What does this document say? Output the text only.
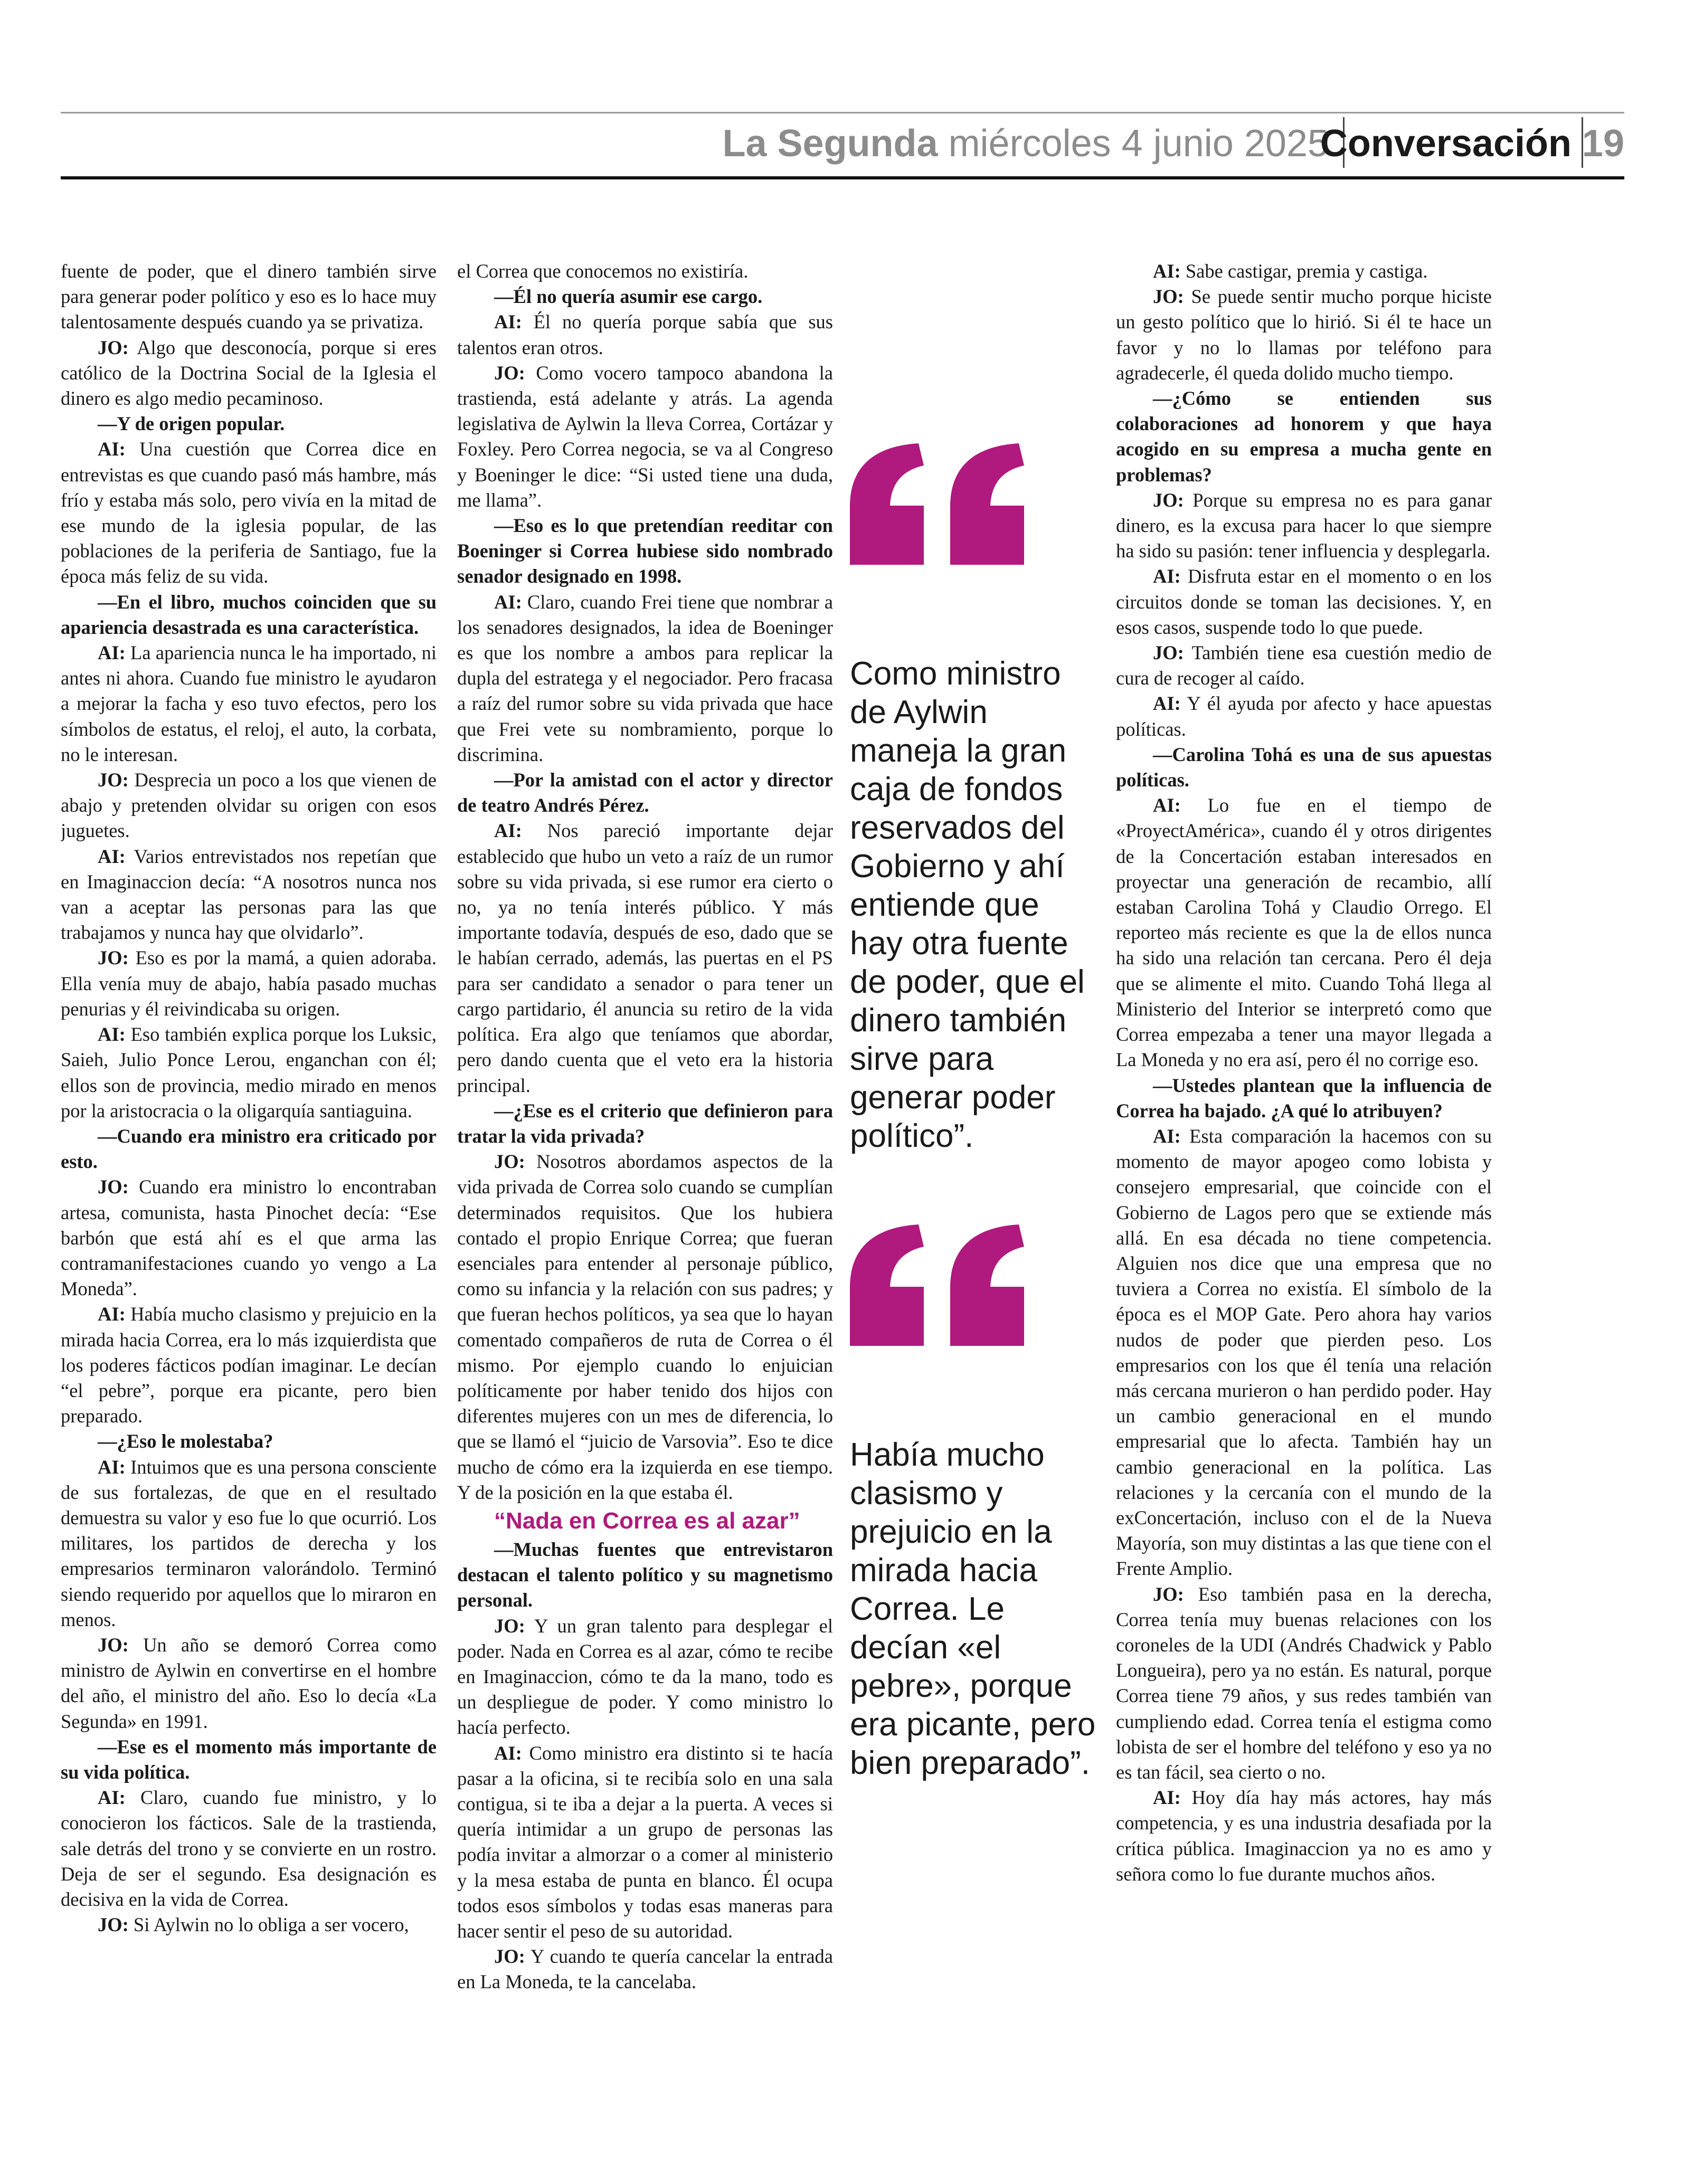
La Segunda miércoles 4 junio 2025
Conversación 19

fuente de poder, que el dinero también sirve para generar poder político y eso es lo hace muy talentosamente después cuando ya se privatiza.

JO: Algo que desconocía, porque si eres católico de la Doctrina Social de la Iglesia el dinero es algo medio pecaminoso.

—Y de origen popular.

AI: Una cuestión que Correa dice en entrevistas es que cuando pasó más hambre, más frío y estaba más solo, pero vivía en la mitad de ese mundo de la iglesia popular, de las poblaciones de la periferia de Santiago, fue la época más feliz de su vida.

—En el libro, muchos coinciden que su apariencia desastrada es una característica.

AI: La apariencia nunca le ha importado, ni antes ni ahora. Cuando fue ministro le ayudaron a mejorar la facha y eso tuvo efectos, pero los símbolos de estatus, el reloj, el auto, la corbata, no le interesan.

JO: Desprecia un poco a los que vienen de abajo y pretenden olvidar su origen con esos juguetes.

AI: Varios entrevistados nos repetían que en Imaginaccion decía: “A nosotros nunca nos van a aceptar las personas para las que trabajamos y nunca hay que olvidarlo”.

JO: Eso es por la mamá, a quien adoraba. Ella venía muy de abajo, había pasado muchas penurias y él reivindicaba su origen.

AI: Eso también explica porque los Luksic, Saieh, Julio Ponce Lerou, enganchan con él; ellos son de provincia, medio mirado en menos por la aristocracia o la oligarquía santiaguina.

—Cuando era ministro era criticado por esto.

JO: Cuando era ministro lo encontraban artesa, comunista, hasta Pinochet decía: “Ese barbón que está ahí es el que arma las contramanifestaciones cuando yo vengo a La Moneda”.

AI: Había mucho clasismo y prejuicio en la mirada hacia Correa, era lo más izquierdista que los poderes fácticos podían imaginar. Le decían “el pebre”, porque era picante, pero bien preparado.

—¿Eso le molestaba?

AI: Intuimos que es una persona consciente de sus fortalezas, de que en el resultado demuestra su valor y eso fue lo que ocurrió. Los militares, los partidos de derecha y los empresarios terminaron valorándolo. Terminó siendo requerido por aquellos que lo miraron en menos.

JO: Un año se demoró Correa como ministro de Aylwin en convertirse en el hombre del año, el ministro del año. Eso lo decía «La Segunda» en 1991.

—Ese es el momento más importante de su vida política.

AI: Claro, cuando fue ministro, y lo conocieron los fácticos. Sale de la trastienda, sale detrás del trono y se convierte en un rostro. Deja de ser el segundo. Esa designación es decisiva en la vida de Correa.

JO: Si Aylwin no lo obliga a ser vocero,

el Correa que conocemos no existiría.

—Él no quería asumir ese cargo.

AI: Él no quería porque sabía que sus talentos eran otros.

JO: Como vocero tampoco abandona la trastienda, está adelante y atrás. La agenda legislativa de Aylwin la lleva Correa, Cortázar y Foxley. Pero Correa negocia, se va al Congreso y Boeninger le dice: “Si usted tiene una duda, me llama”.

—Eso es lo que pretendían reeditar con Boeninger si Correa hubiese sido nombrado senador designado en 1998.

AI: Claro, cuando Frei tiene que nombrar a los senadores designados, la idea de Boeninger es que los nombre a ambos para replicar la dupla del estratega y el negociador. Pero fracasa a raíz del rumor sobre su vida privada que hace que Frei vete su nombramiento, porque lo discrimina.

—Por la amistad con el actor y director de teatro Andrés Pérez.

AI: Nos pareció importante dejar establecido que hubo un veto a raíz de un rumor sobre su vida privada, si ese rumor era cierto o no, ya no tenía interés público. Y más importante todavía, después de eso, dado que se le habían cerrado, además, las puertas en el PS para ser candidato a senador o para tener un cargo partidario, él anuncia su retiro de la vida política. Era algo que teníamos que abordar, pero dando cuenta que el veto era la historia principal.

—¿Ese es el criterio que definieron para tratar la vida privada?

JO: Nosotros abordamos aspectos de la vida privada de Correa solo cuando se cumplían determinados requisitos. Que los hubiera contado el propio Enrique Correa; que fueran esenciales para entender al personaje público, como su infancia y la relación con sus padres; y que fueran hechos políticos, ya sea que lo hayan comentado compañeros de ruta de Correa o él mismo. Por ejemplo cuando lo enjuician políticamente por haber tenido dos hijos con diferentes mujeres con un mes de diferencia, lo que se llamó el “juicio de Varsovia”. Eso te dice mucho de cómo era la izquierda en ese tiempo. Y de la posición en la que estaba él.

“Nada en Correa es al azar”

—Muchas fuentes que entrevistaron destacan el talento político y su magnetismo personal.

JO: Y un gran talento para desplegar el poder. Nada en Correa es al azar, cómo te recibe en Imaginaccion, cómo te da la mano, todo es un despliegue de poder. Y como ministro lo hacía perfecto.

AI: Como ministro era distinto si te hacía pasar a la oficina, si te recibía solo en una sala contigua, si te iba a dejar a la puerta. A veces si quería intimidar a un grupo de personas las podía invitar a almorzar o a comer al ministerio y la mesa estaba de punta en blanco. Él ocupa todos esos símbolos y todas esas maneras para hacer sentir el peso de su autoridad.

JO: Y cuando te quería cancelar la entrada en La Moneda, te la cancelaba.

Como ministro de Aylwin maneja la gran caja de fondos reservados del Gobierno y ahí entiende que hay otra fuente de poder, que el dinero también sirve para generar poder político”.
Había mucho clasismo y prejuicio en la mirada hacia Correa. Le decían «el pebre», porque era picante, pero bien preparado”.

AI: Sabe castigar, premia y castiga.

JO: Se puede sentir mucho porque hiciste un gesto político que lo hirió. Si él te hace un favor y no lo llamas por teléfono para agradecerle, él queda dolido mucho tiempo.

—¿Cómo se entienden sus colaboraciones ad honorem y que haya acogido en su empresa a mucha gente en problemas?

JO: Porque su empresa no es para ganar dinero, es la excusa para hacer lo que siempre ha sido su pasión: tener influencia y desplegarla.

AI: Disfruta estar en el momento o en los circuitos donde se toman las decisiones. Y, en esos casos, suspende todo lo que puede.

JO: También tiene esa cuestión medio de cura de recoger al caído.

AI: Y él ayuda por afecto y hace apuestas políticas.

—Carolina Tohá es una de sus apuestas políticas.

AI: Lo fue en el tiempo de «ProyectAmérica», cuando él y otros dirigentes de la Concertación estaban interesados en proyectar una generación de recambio, allí estaban Carolina Tohá y Claudio Orrego. El reporteo más reciente es que la de ellos nunca ha sido una relación tan cercana. Pero él deja que se alimente el mito. Cuando Tohá llega al Ministerio del Interior se interpretó como que Correa empezaba a tener una mayor llegada a La Moneda y no era así, pero él no corrige eso.

—Ustedes plantean que la influencia de Correa ha bajado. ¿A qué lo atribuyen?

AI: Esta comparación la hacemos con su momento de mayor apogeo como lobista y consejero empresarial, que coincide con el Gobierno de Lagos pero que se extiende más allá. En esa década no tiene competencia. Alguien nos dice que una empresa que no tuviera a Correa no existía. El símbolo de la época es el MOP Gate. Pero ahora hay varios nudos de poder que pierden peso. Los empresarios con los que él tenía una relación más cercana murieron o han perdido poder. Hay un cambio generacional en el mundo empresarial que lo afecta. También hay un cambio generacional en la política. Las relaciones y la cercanía con el mundo de la exConcertación, incluso con el de la Nueva Mayoría, son muy distintas a las que tiene con el Frente Amplio.

JO: Eso también pasa en la derecha, Correa tenía muy buenas relaciones con los coroneles de la UDI (Andrés Chadwick y Pablo Longueira), pero ya no están. Es natural, porque Correa tiene 79 años, y sus redes también van cumpliendo edad. Correa tenía el estigma como lobista de ser el hombre del teléfono y eso ya no es tan fácil, sea cierto o no.

AI: Hoy día hay más actores, hay más competencia, y es una industria desafiada por la crítica pública. Imaginaccion ya no es amo y señora como lo fue durante muchos años.
